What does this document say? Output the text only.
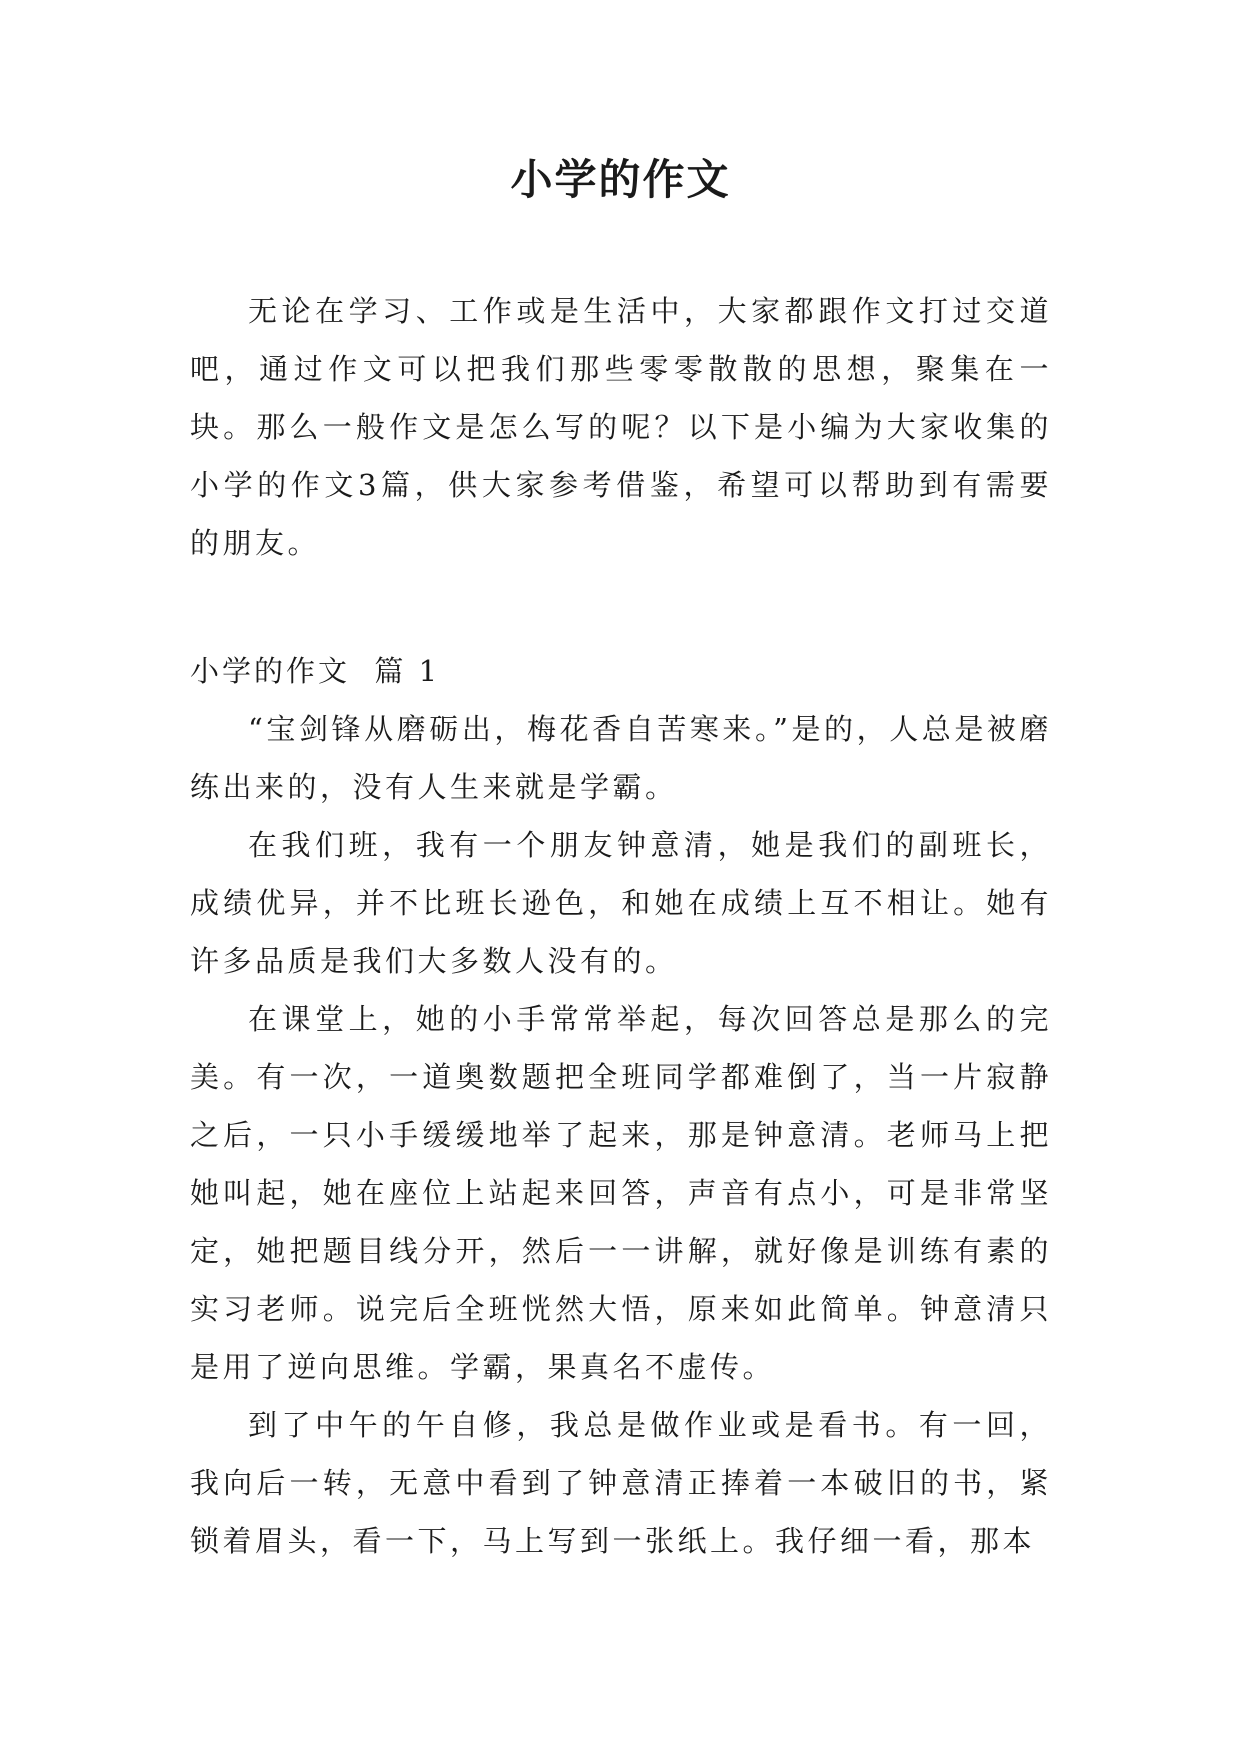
小学的作文

无论在学习、工作或是生活中，大家都跟作文打过交道吧，通过作文可以把我们那些零零散散的思想，聚集在一块。那么一般作文是怎么写的呢？以下是小编为大家收集的小学的作文3篇，供大家参考借鉴，希望可以帮助到有需要的朋友。

小学的作文  篇 1

“宝剑锋从磨砺出，梅花香自苦寒来。”是的，人总是被磨练出来的，没有人生来就是学霸。

在我们班，我有一个朋友钟意清，她是我们的副班长，成绩优异，并不比班长逊色，和她在成绩上互不相让。她有许多品质是我们大多数人没有的。

在课堂上，她的小手常常举起，每次回答总是那么的完美。有一次，一道奥数题把全班同学都难倒了，当一片寂静之后，一只小手缓缓地举了起来，那是钟意清。老师马上把她叫起，她在座位上站起来回答，声音有点小，可是非常坚定，她把题目线分开，然后一一讲解，就好像是训练有素的实习老师。说完后全班恍然大悟，原来如此简单。钟意清只是用了逆向思维。学霸，果真名不虚传。

到了中午的午自修，我总是做作业或是看书。有一回，我向后一转，无意中看到了钟意清正捧着一本破旧的书，紧锁着眉头，看一下，马上写到一张纸上。我仔细一看，那本
